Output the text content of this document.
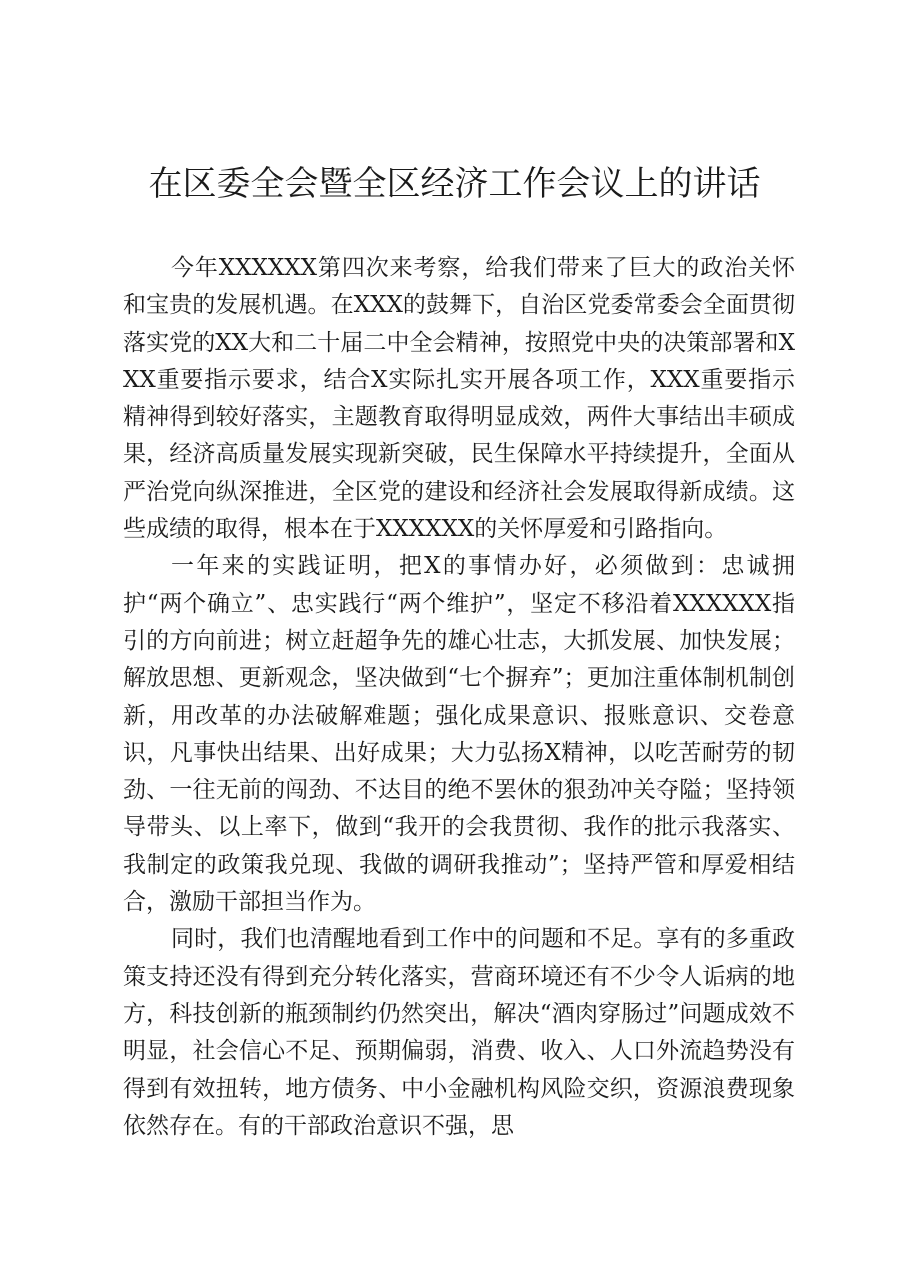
在区委全会暨全区经济工作会议上的讲话

今年XXXXXX第四次来考察，给我们带来了巨大的政治关怀和宝贵的发展机遇。在XXX的鼓舞下，自治区党委常委会全面贯彻落实党的XX大和二十届二中全会精神，按照党中央的决策部署和XXX重要指示要求，结合X实际扎实开展各项工作，XXX重要指示精神得到较好落实，主题教育取得明显成效，两件大事结出丰硕成果，经济高质量发展实现新突破，民生保障水平持续提升，全面从严治党向纵深推进，全区党的建设和经济社会发展取得新成绩。这些成绩的取得，根本在于XXXXXX的关怀厚爱和引路指向。

一年来的实践证明，把X的事情办好，必须做到：忠诚拥护“两个确立”、忠实践行“两个维护”，坚定不移沿着XXXXXX指引的方向前进；树立赶超争先的雄心壮志，大抓发展、加快发展；解放思想、更新观念，坚决做到“七个摒弃”；更加注重体制机制创新，用改革的办法破解难题；强化成果意识、报账意识、交卷意识，凡事快出结果、出好成果；大力弘扬X精神，以吃苦耐劳的韧劲、一往无前的闯劲、不达目的绝不罢休的狠劲冲关夺隘；坚持领导带头、以上率下，做到“我开的会我贯彻、我作的批示我落实、我制定的政策我兑现、我做的调研我推动”；坚持严管和厚爱相结合，激励干部担当作为。

同时，我们也清醒地看到工作中的问题和不足。享有的多重政策支持还没有得到充分转化落实，营商环境还有不少令人诟病的地方，科技创新的瓶颈制约仍然突出，解决“酒肉穿肠过”问题成效不明显，社会信心不足、预期偏弱，消费、收入、人口外流趋势没有得到有效扭转，地方债务、中小金融机构风险交织，资源浪费现象依然存在。有的干部政治意识不强，思
